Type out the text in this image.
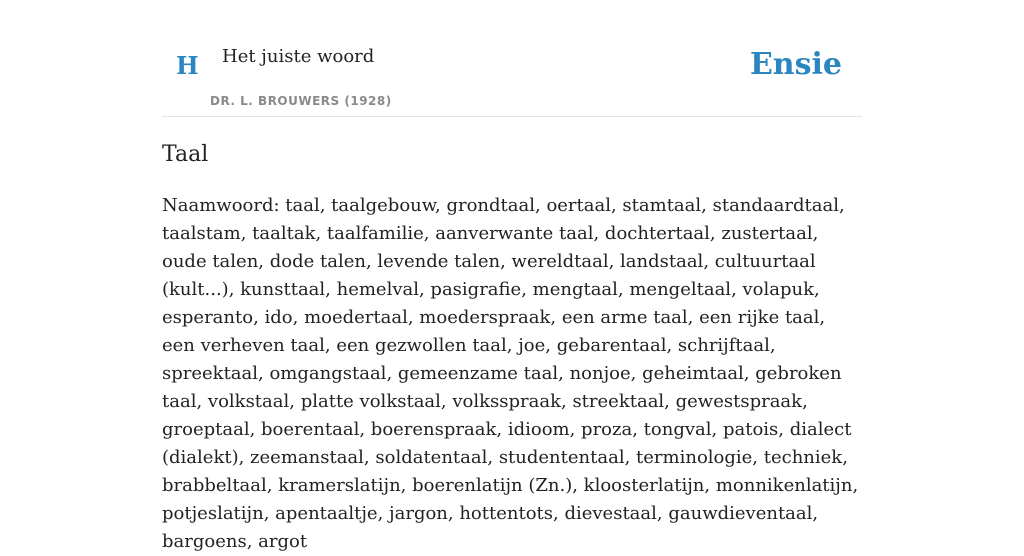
H Het juiste woord
DR. L. BROUWERS (1928)
Ensie
Taal

Naamwoord: taal, taalgebouw, grondtaal, oertaal, stamtaal, standaardtaal, taalstam, taaltak, taalfamilie, aanverwante taal, dochtertaal, zustertaal, oude talen, dode talen, levende talen, wereldtaal, landstaal, cultuurtaal (kult...), kunsttaal, hemelval, pasigrafie, mengtaal, mengeltaal, volapuk, esperanto, ido, moedertaal, moederspraak, een arme taal, een rijke taal, een verheven taal, een gezwollen taal, joe, gebarentaal, schrijftaal, spreektaal, omgangstaal, gemeenzame taal, nonjoe, geheimtaal, gebroken taal, volkstaal, platte volkstaal, volksspraak, streektaal, gewestspraak, groeptaal, boerentaal, boerenspraak, idioom, proza, tongval, patois, dialect (dialekt), zeemanstaal, soldatentaal, studententaal, terminologie, techniek, brabbeltaal, kramerslatijn, boerenlatijn (Zn.), kloosterlatijn, monnikenlatijn, potjeslatijn, apentaaltje, jargon, hottentots, dievestaal, gauwdieventaal, bargoens, argot
